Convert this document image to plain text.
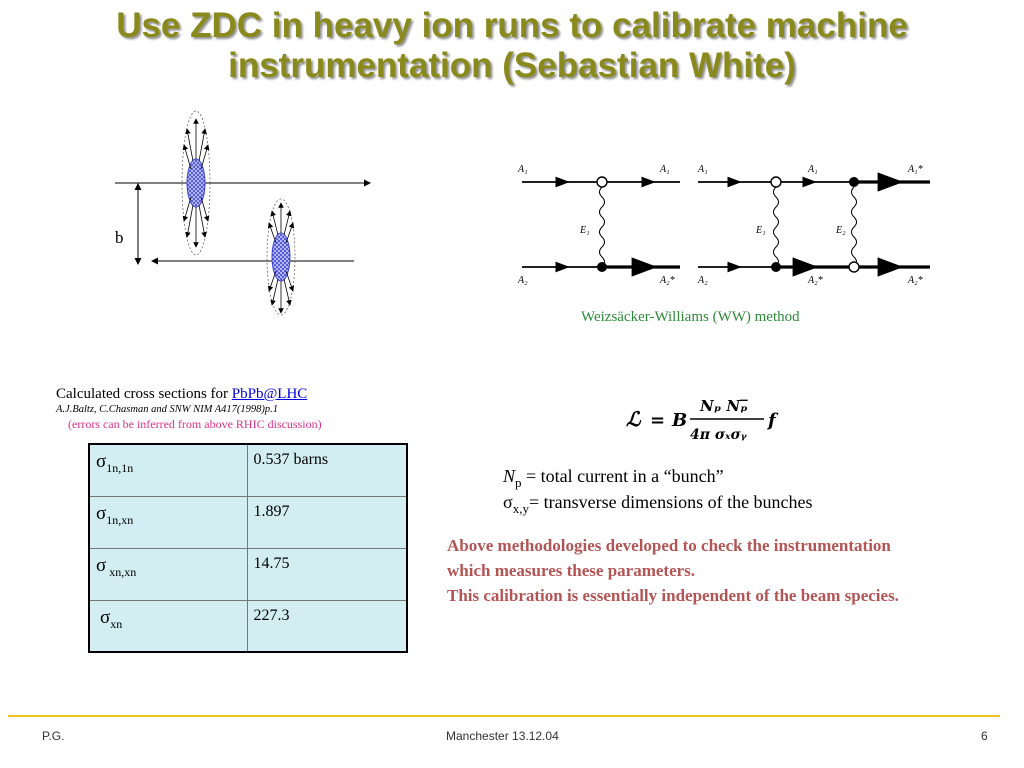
Use ZDC in heavy ion runs to calibrate machine
instrumentation (Sebastian White)
b
A₁	A₁
E₁
A₂	A₂*
A₁	A₁	A₁*
E₁	E₂
A₂	A₂*	A₂*
Weizsäcker-Williams (WW) method
Calculated cross sections for PbPb@LHC
A.J.Baltz, C.Chasman and SNW NIM A417(1998)p.1
(errors can be inferred from above RHIC discussion)
$\sigma_{1n,1n}$	0.537 barns
$\sigma_{1n,xn}$	1.897
σ $_{xn,xn}$	14.75
$\sigma_{xn}$	227.3
ℒ = B
Nₚ Nₚ̅
4π σₓσᵧ
f
$N_p$ = total current in a “bunch”
$\sigma_{x,y}=$ transverse dimensions of the bunches
Above methodologies developed to check the instrumentation
which measures these parameters.
This calibration is essentially independent of the beam species.
P.G.	Manchester 13.12.04	6
